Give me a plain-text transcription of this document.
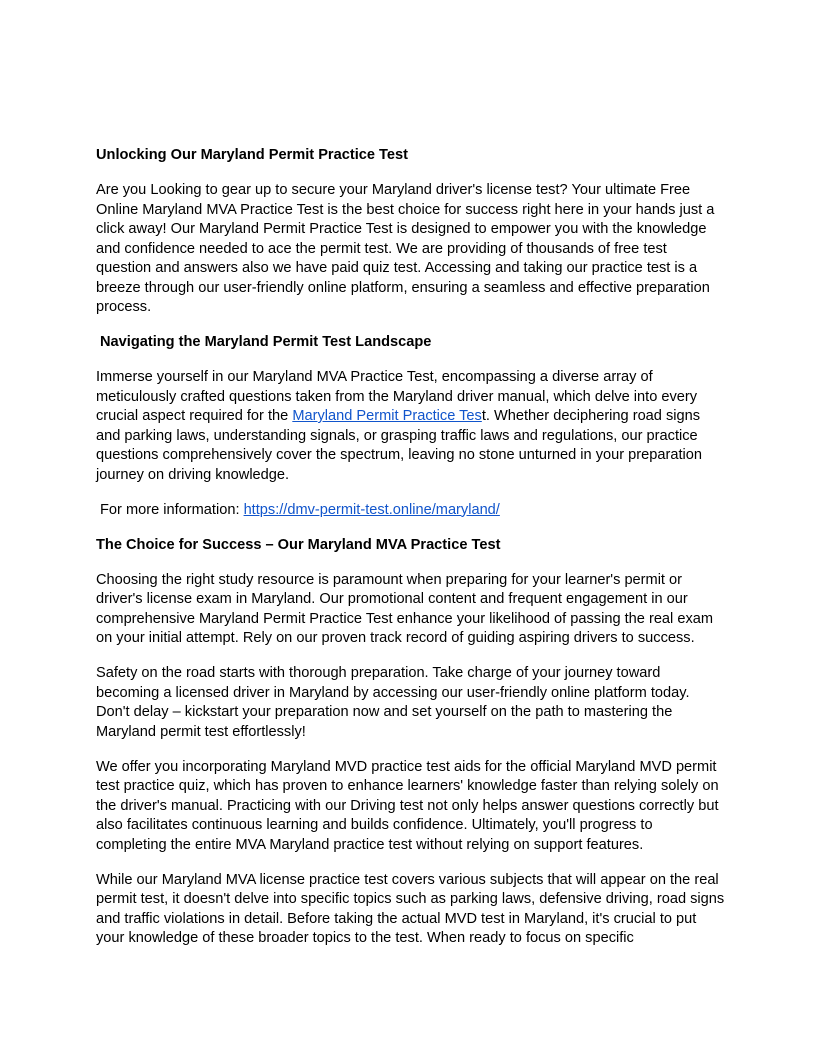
Unlocking Our Maryland Permit Practice Test
Are you Looking to gear up to secure your Maryland driver's license test? Your ultimate Free Online Maryland MVA Practice Test is the best choice for success right here in your hands just a click away! Our Maryland Permit Practice Test is designed to empower you with the knowledge and confidence needed to ace the permit test. We are providing of thousands of free test question and answers also we have paid quiz test. Accessing and taking our practice test is a breeze through our user-friendly online platform, ensuring a seamless and effective preparation process.
Navigating the Maryland Permit Test Landscape
Immerse yourself in our Maryland MVA Practice Test, encompassing a diverse array of meticulously crafted questions taken from the Maryland driver manual, which delve into every crucial aspect required for the Maryland Permit Practice Test. Whether deciphering road signs and parking laws, understanding signals, or grasping traffic laws and regulations, our practice questions comprehensively cover the spectrum, leaving no stone unturned in your preparation journey on driving knowledge.
For more information: https://dmv-permit-test.online/maryland/
The Choice for Success – Our Maryland MVA Practice Test
Choosing the right study resource is paramount when preparing for your learner's permit or driver's license exam in Maryland. Our promotional content and frequent engagement in our comprehensive Maryland Permit Practice Test enhance your likelihood of passing the real exam on your initial attempt. Rely on our proven track record of guiding aspiring drivers to success.
Safety on the road starts with thorough preparation. Take charge of your journey toward becoming a licensed driver in Maryland by accessing our user-friendly online platform today. Don't delay – kickstart your preparation now and set yourself on the path to mastering the Maryland permit test effortlessly!
We offer you incorporating Maryland MVD practice test aids for the official Maryland MVD permit test practice quiz, which has proven to enhance learners' knowledge faster than relying solely on the driver's manual. Practicing with our Driving test not only helps answer questions correctly but also facilitates continuous learning and builds confidence. Ultimately, you'll progress to completing the entire MVA Maryland practice test without relying on support features.
While our Maryland MVA license practice test covers various subjects that will appear on the real permit test, it doesn't delve into specific topics such as parking laws, defensive driving, road signs and traffic violations in detail. Before taking the actual MVD test in Maryland, it's crucial to put your knowledge of these broader topics to the test. When ready to focus on specific
